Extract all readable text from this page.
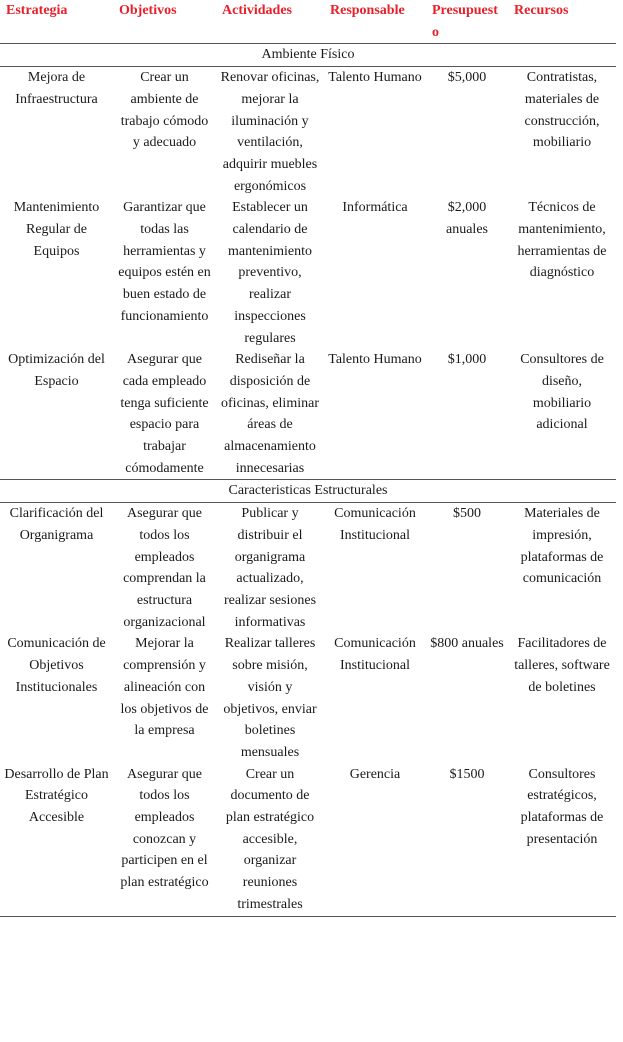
Estrategia	Objetivos	Actividades	Responsable	Presupuesto	Recursos
Ambiente Físico					
Mejora de Infraestructura	Crear un ambiente de trabajo cómodo y adecuado	Renovar oficinas, mejorar la iluminación y ventilación, adquirir muebles ergonómicos	Talento Humano	$5,000	Contratistas, materiales de construcción, mobiliario
Mantenimiento Regular de Equipos	Garantizar que todas las herramientas y equipos estén en buen estado de funcionamiento	Establecer un calendario de mantenimiento preventivo, realizar inspecciones regulares	Informática	$2,000 anuales	Técnicos de mantenimiento, herramientas de diagnóstico
Optimización del Espacio	Asegurar que cada empleado tenga suficiente espacio para trabajar cómodamente	Rediseñar la disposición de oficinas, eliminar áreas de almacenamiento innecesarias	Talento Humano	$1,000	Consultores de diseño, mobiliario adicional
Caracteristicas Estructurales					
Clarificación del Organigrama	Asegurar que todos los empleados comprendan la estructura organizacional	Publicar y distribuir el organigrama actualizado, realizar sesiones informativas	Comunicación Institucional	$500	Materiales de impresión, plataformas de comunicación
Comunicación de Objetivos Institucionales	Mejorar la comprensión y alineación con los objetivos de la empresa	Realizar talleres sobre misión, visión y objetivos, enviar boletines mensuales	Comunicación Institucional	$800 anuales	Facilitadores de talleres, software de boletines
Desarrollo de Plan Estratégico Accesible	Asegurar que todos los empleados conozcan y participen en el plan estratégico	Crear un documento de plan estratégico accesible, organizar reuniones trimestrales	Gerencia	$1500	Consultores estratégicos, plataformas de presentación
